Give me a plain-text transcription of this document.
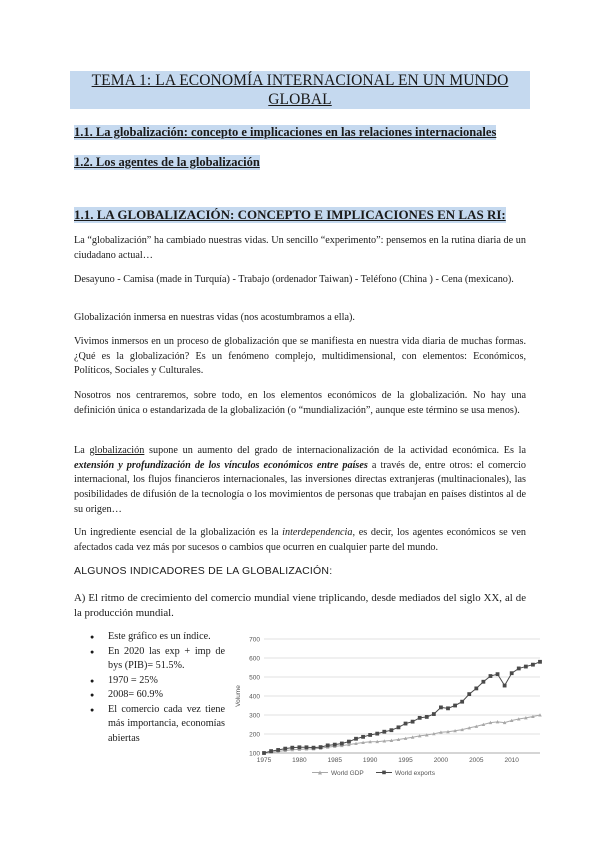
TEMA 1: LA ECONOMÍA INTERNACIONAL EN UN MUNDO GLOBAL
1.1. La globalización: concepto e implicaciones en las relaciones internacionales
1.2. Los agentes de la globalización
1.1. LA GLOBALIZACIÓN: CONCEPTO E IMPLICACIONES EN LAS RI:
La “globalización” ha cambiado nuestras vidas. Un sencillo “experimento”: pensemos en la rutina diaria de un ciudadano actual…
Desayuno - Camisa (made in Turquía) - Trabajo (ordenador Taiwan) - Teléfono (China ) - Cena (mexicano).
Globalización inmersa en nuestras vidas (nos acostumbramos a ella).
Vivimos inmersos en un proceso de globalización que se manifiesta en nuestra vida diaria de muchas formas. ¿Qué es la globalización? Es un fenómeno complejo, multidimensional, con elementos: Económicos, Políticos, Sociales y Culturales.
Nosotros nos centraremos, sobre todo, en los elementos económicos de la globalización. No hay una definición única o estandarizada de la globalización (o “mundialización”, aunque este término se usa menos).
La globalización supone un aumento del grado de internacionalización de la actividad económica. Es la extensión y profundización de los vínculos económicos entre países a través de, entre otros: el comercio internacional, los flujos financieros internacionales, las inversiones directas extranjeras (multinacionales), las posibilidades de difusión de la tecnología o los movimientos de personas que trabajan en países distintos al de su origen…
Un ingrediente esencial de la globalización es la interdependencia, es decir, los agentes económicos se ven afectados cada vez más por sucesos o cambios que ocurren en cualquier parte del mundo.
ALGUNOS INDICADORES DE LA GLOBALIZACIÓN:
A) El ritmo de crecimiento del comercio mundial viene triplicando, desde mediados del siglo XX, al de la producción mundial.
● Este gráfico es un índice.
● En 2020 las exp + imp de bys (PIB)= 51.5%.
● 1970 = 25%
● 2008= 60.9%
● El comercio cada vez tiene más importancia, economías abiertas
100
200
300
400
500
600
700
1975	1980	1985	1990	1995	2000	2005	2010
Volume
World GDP	World exports
